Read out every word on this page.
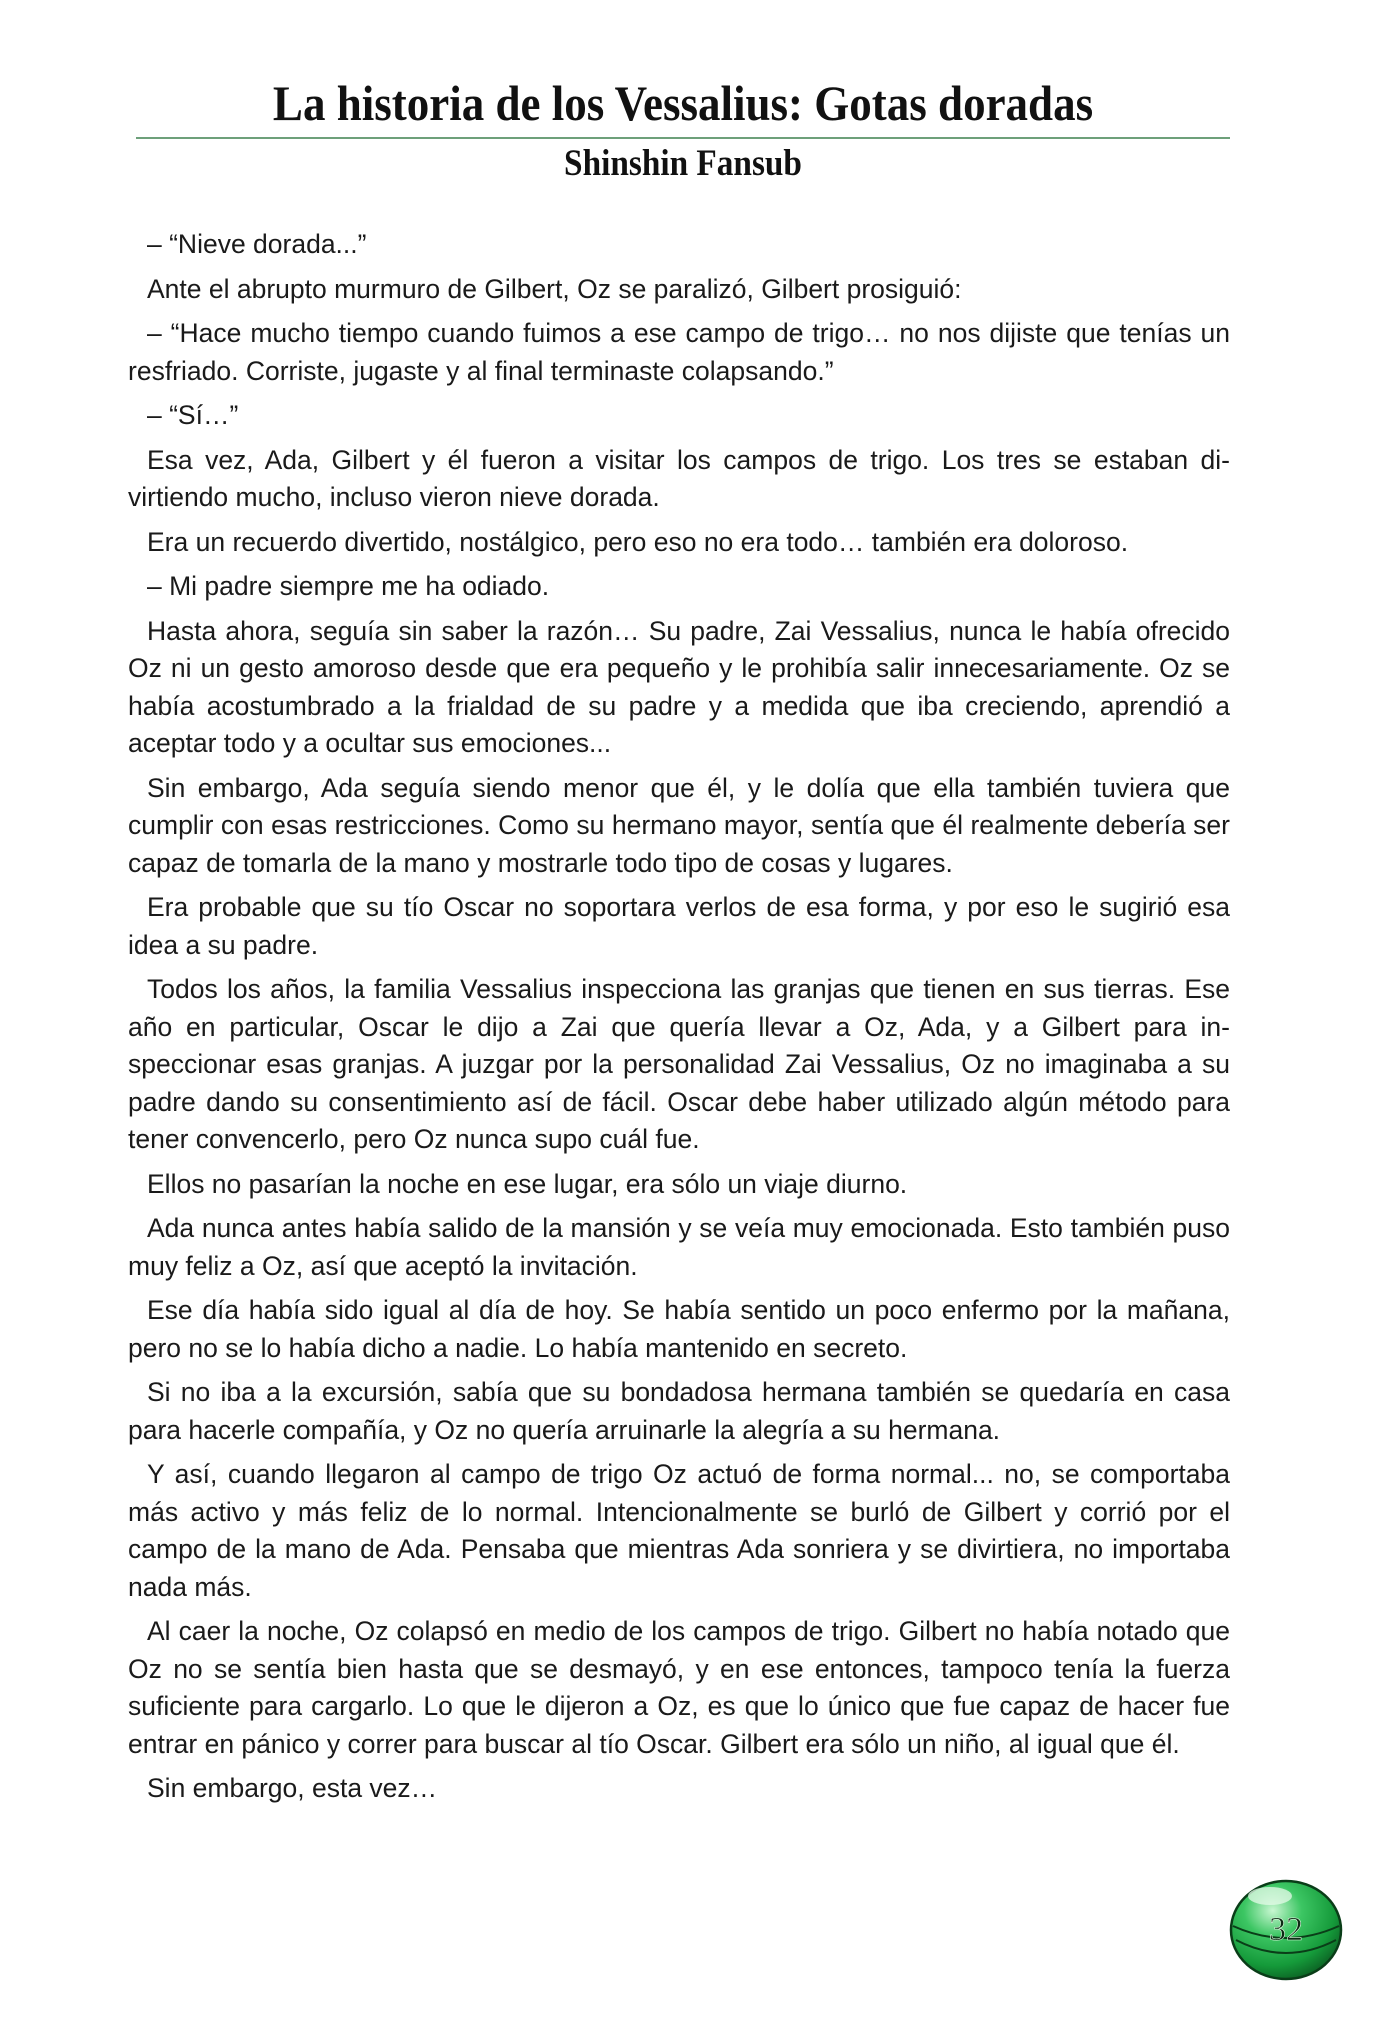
La historia de los Vessalius: Gotas doradas
Shinshin Fansub

– “Nieve dorada...”

Ante el abrupto murmuro de Gilbert, Oz se paralizó, Gilbert prosiguió:

– “Hace mucho tiempo cuando fuimos a ese campo de trigo… no nos dijiste que tenías un resfriado. Corriste, jugaste y al final terminaste colapsando.”

– “Sí…”

Esa vez, Ada, Gilbert y él fueron a visitar los campos de trigo. Los tres se estaban divirtiendo mucho, incluso vieron nieve dorada.

Era un recuerdo divertido, nostálgico, pero eso no era todo… también era doloroso.

– Mi padre siempre me ha odiado.

Hasta ahora, seguía sin saber la razón… Su padre, Zai Vessalius, nunca le había ofrecido Oz ni un gesto amoroso desde que era pequeño y le prohibía salir innecesariamente. Oz se había acostumbrado a la frialdad de su padre y a medida que iba creciendo, aprendió a aceptar todo y a ocultar sus emociones...

Sin embargo, Ada seguía siendo menor que él, y le dolía que ella también tuviera que cumplir con esas restricciones. Como su hermano mayor, sentía que él realmente debería ser capaz de tomarla de la mano y mostrarle todo tipo de cosas y lugares.

Era probable que su tío Oscar no soportara verlos de esa forma, y por eso le sugirió esa idea a su padre.

Todos los años, la familia Vessalius inspecciona las granjas que tienen en sus tierras. Ese año en particular, Oscar le dijo a Zai que quería llevar a Oz, Ada, y a Gilbert para inspeccionar esas granjas. A juzgar por la personalidad Zai Vessalius, Oz no imaginaba a su padre dando su consentimiento así de fácil. Oscar debe haber utilizado algún método para tener convencerlo, pero Oz nunca supo cuál fue.

Ellos no pasarían la noche en ese lugar, era sólo un viaje diurno.

Ada nunca antes había salido de la mansión y se veía muy emocionada. Esto también puso muy feliz a Oz, así que aceptó la invitación.

Ese día había sido igual al día de hoy. Se había sentido un poco enfermo por la mañana, pero no se lo había dicho a nadie. Lo había mantenido en secreto.

Si no iba a la excursión, sabía que su bondadosa hermana también se quedaría en casa para hacerle compañía, y Oz no quería arruinarle la alegría a su hermana.

Y así, cuando llegaron al campo de trigo Oz actuó de forma normal... no, se comportaba más activo y más feliz de lo normal. Intencionalmente se burló de Gilbert y corrió por el campo de la mano de Ada. Pensaba que mientras Ada sonriera y se divirtiera, no importaba nada más.

Al caer la noche, Oz colapsó en medio de los campos de trigo. Gilbert no había notado que Oz no se sentía bien hasta que se desmayó, y en ese entonces, tampoco tenía la fuerza suficiente para cargarlo. Lo que le dijeron a Oz, es que lo único que fue capaz de hacer fue entrar en pánico y correr para buscar al tío Oscar. Gilbert era sólo un niño, al igual que él.

Sin embargo, esta vez…

32
